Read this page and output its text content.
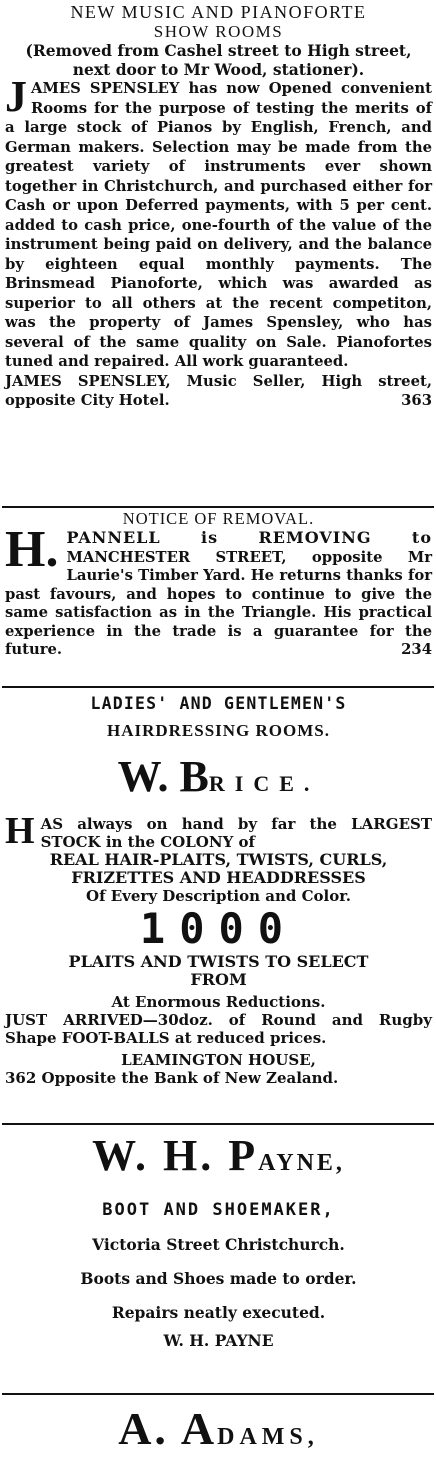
NEW MUSIC AND PIANOFORTE

SHOW ROOMS

(Removed from Cashel street to High street, next door to Mr Wood, stationer).

JAMES SPENSLEY has now Opened convenient Rooms for the purpose of testing the merits of a large stock of Pianos by English, French, and German makers. Selection may be made from the greatest variety of instruments ever shown together in Christchurch, and purchased either for Cash or upon Deferred payments, with 5 per cent. added to cash price, one-fourth of the value of the instrument being paid on delivery, and the balance by eighteen equal monthly payments. The Brinsmead Pianoforte, which was awarded as superior to all others at the recent competiton, was the property of James Spensley, who has several of the same quality on Sale. Pianofortes tuned and repaired. All work guaranteed.

JAMES SPENSLEY, Music Seller, High street, opposite City Hotel.	363

NOTICE OF REMOVAL.

H. PANNELL is REMOVING to MANCHESTER STREET, opposite Mr Laurie's Timber Yard. He returns thanks for past favours, and hopes to continue to give the same satisfaction as in the Triangle. His practical experience in the trade is a guarantee for the future.	234

LADIES' AND GENTLEMEN'S

HAIRDRESSING ROOMS.

W. BRICE.

HAS always on hand by far the LARGEST STOCK in the COLONY of

REAL HAIR-PLAITS, TWISTS, CURLS,

FRIZETTES AND HEADDRESSES

Of Every Description and Color.

1000

PLAITS AND TWISTS TO SELECT

FROM

At Enormous Reductions.

JUST ARRIVED—30doz. of Round and Rugby Shape FOOT-BALLS at reduced prices.

LEAMINGTON HOUSE,

362 Opposite the Bank of New Zealand.

W. H. PAYNE,

BOOT AND SHOEMAKER,

Victoria Street Christchurch.

Boots and Shoes made to order.

Repairs neatly executed.

W. H. PAYNE

A. ADAMS,
